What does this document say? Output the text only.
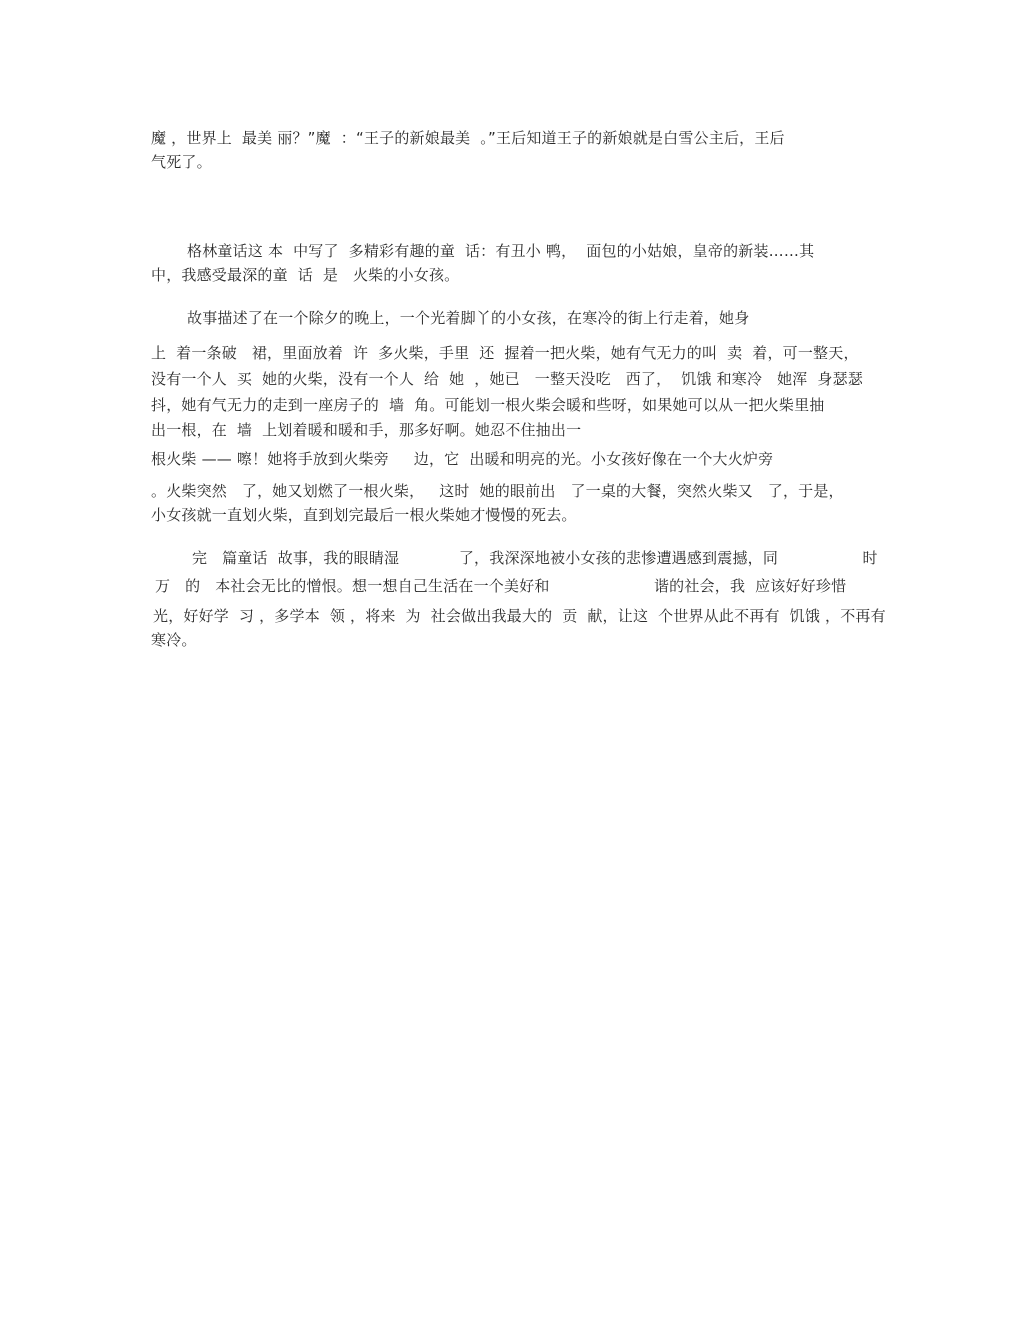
魔 ，世界上  最美 丽？”魔  ：“王子的新娘最美  。”王后知道王子的新娘就是白雪公主后，王后
气死了。
格林童话这 本  中写了  多精彩有趣的童  话：有丑小 鸭，  面包的小姑娘，皇帝的新装……其
中，我感受最深的童  话  是   火柴的小女孩。
故事描述了在一个除夕的晚上，一个光着脚丫的小女孩，在寒冷的街上行走着，她身
上  着一条破   裙，里面放着  许  多火柴，手里  还  握着一把火柴，她有气无力的叫  卖  着，可一整天，
没有一个人  买  她的火柴，没有一个人  给  她  ，她已   一整天没吃   西了，  饥饿 和寒冷   她浑  身瑟瑟
抖，她有气无力的走到一座房子的  墙  角。可能划一根火柴会暖和些呀，如果她可以从一把火柴里抽
出一根，在  墙  上划着暖和暖和手，那多好啊。她忍不住抽出一
根火柴 —— 嚓！她将手放到火柴旁     边，它  出暖和明亮的光。小女孩好像在一个大火炉旁
。火柴突然   了，她又划燃了一根火柴，   这时  她的眼前出   了一桌的大餐，突然火柴又   了，于是，
小女孩就一直划火柴，直到划完最后一根火柴她才慢慢的死去。
完   篇童话  故事，我的眼睛湿            了，我深深地被小女孩的悲惨遭遇感到震撼，同                 时
万   的   本社会无比的憎恨。想一想自己生活在一个美好和                     谐的社会，我  应该好好珍惜
光，好好学  习 ，多学本  领 ，将来  为  社会做出我最大的  贡  献，让这  个世界从此不再有  饥饿 ，不再有
寒冷。
